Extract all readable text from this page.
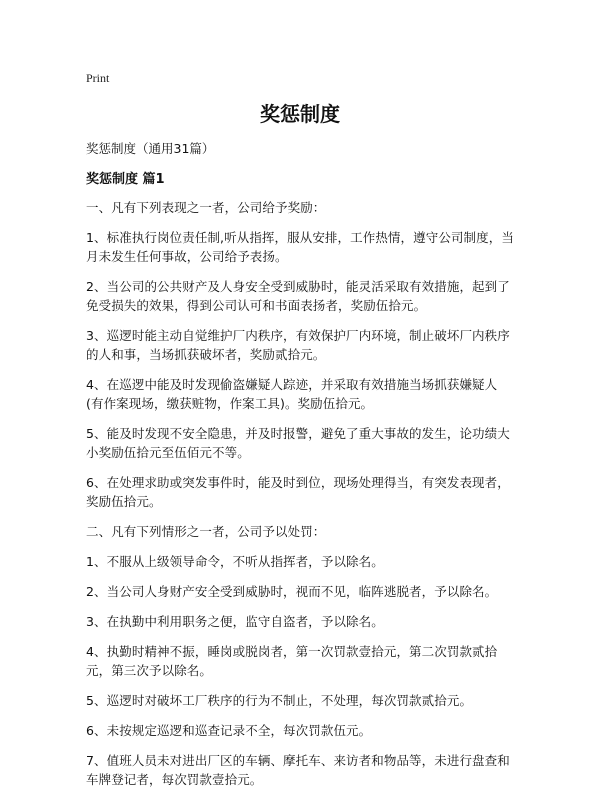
Print

奖惩制度

奖惩制度（通用31篇）

奖惩制度 篇1

一、凡有下列表现之一者，公司给予奖励：

1、标准执行岗位责任制,听从指挥，服从安排，工作热情，遵守公司制度，当月未发生任何事故，公司给予表扬。

2、当公司的公共财产及人身安全受到威胁时，能灵活采取有效措施，起到了免受损失的效果，得到公司认可和书面表扬者，奖励伍拾元。

3、巡逻时能主动自觉维护厂内秩序，有效保护厂内环境，制止破坏厂内秩序的人和事，当场抓获破坏者，奖励贰拾元。

4、在巡逻中能及时发现偷盗嫌疑人踪迹，并采取有效措施当场抓获嫌疑人(有作案现场，缴获赃物，作案工具)。奖励伍拾元。

5、能及时发现不安全隐患，并及时报警，避免了重大事故的发生，论功绩大小奖励伍拾元至伍佰元不等。

6、在处理求助或突发事件时，能及时到位，现场处理得当，有突发表现者，奖励伍拾元。

二、凡有下列情形之一者，公司予以处罚：

1、不服从上级领导命令，不听从指挥者，予以除名。

2、当公司人身财产安全受到威胁时，视而不见，临阵逃脱者，予以除名。

3、在执勤中利用职务之便，监守自盗者，予以除名。

4、执勤时精神不振，睡岗或脱岗者，第一次罚款壹拾元，第二次罚款贰拾元，第三次予以除名。

5、巡逻时对破坏工厂秩序的行为不制止，不处理，每次罚款贰拾元。

6、未按规定巡逻和巡查记录不全，每次罚款伍元。

7、值班人员未对进出厂区的车辆、摩托车、来访者和物品等，未进行盘查和车牌登记者，每次罚款壹拾元。
